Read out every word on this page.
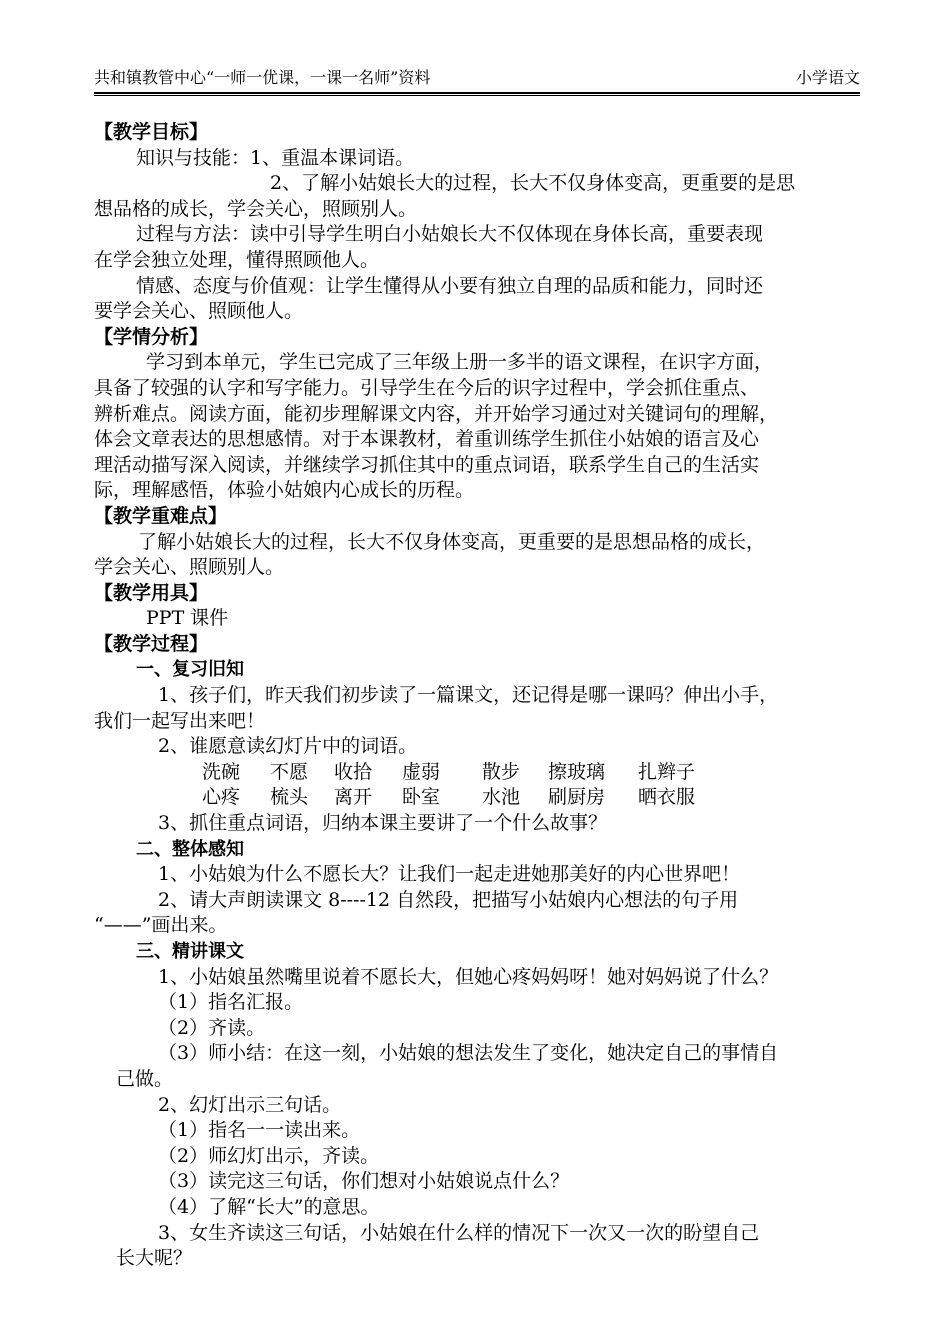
共和镇教管中心“一师一优课，一课一名师”资料	小学语文
【教学目标】
知识与技能：1、重温本课词语。
2、了解小姑娘长大的过程，长大不仅身体变高，更重要的是思
想品格的成长，学会关心，照顾别人。
过程与方法：读中引导学生明白小姑娘长大不仅体现在身体长高，重要表现
在学会独立处理，懂得照顾他人。
情感、态度与价值观：让学生懂得从小要有独立自理的品质和能力，同时还
要学会关心、照顾他人。
【学情分析】
学习到本单元，学生已完成了三年级上册一多半的语文课程，在识字方面，
具备了较强的认字和写字能力。引导学生在今后的识字过程中，学会抓住重点、
辨析难点。阅读方面，能初步理解课文内容，并开始学习通过对关键词句的理解，
体会文章表达的思想感情。对于本课教材，着重训练学生抓住小姑娘的语言及心
理活动描写深入阅读，并继续学习抓住其中的重点词语，联系学生自己的生活实
际，理解感悟，体验小姑娘内心成长的历程。
【教学重难点】
了解小姑娘长大的过程，长大不仅身体变高，更重要的是思想品格的成长，
学会关心、照顾别人。
【教学用具】
PPT 课件
【教学过程】
一、复习旧知
1、孩子们，昨天我们初步读了一篇课文，还记得是哪一课吗？伸出小手，
我们一起写出来吧！
2、谁愿意读幻灯片中的词语。
洗碗	不愿	收拾	虚弱	散步	擦玻璃	扎辫子
心疼	梳头	离开	卧室	水池	刷厨房	晒衣服
3、抓住重点词语，归纳本课主要讲了一个什么故事？
二、整体感知
1、小姑娘为什么不愿长大？让我们一起走进她那美好的内心世界吧！
2、请大声朗读课文 8----12 自然段，把描写小姑娘内心想法的句子用
“——”画出来。
三、精讲课文
1、小姑娘虽然嘴里说着不愿长大，但她心疼妈妈呀！她对妈妈说了什么？
（1）指名汇报。
（2）齐读。
（3）师小结：在这一刻，小姑娘的想法发生了变化，她决定自己的事情自
己做。
2、幻灯出示三句话。
（1）指名一一读出来。
（2）师幻灯出示，齐读。
（3）读完这三句话，你们想对小姑娘说点什么？
（4）了解“长大”的意思。
3、女生齐读这三句话，小姑娘在什么样的情况下一次又一次的盼望自己
长大呢？
